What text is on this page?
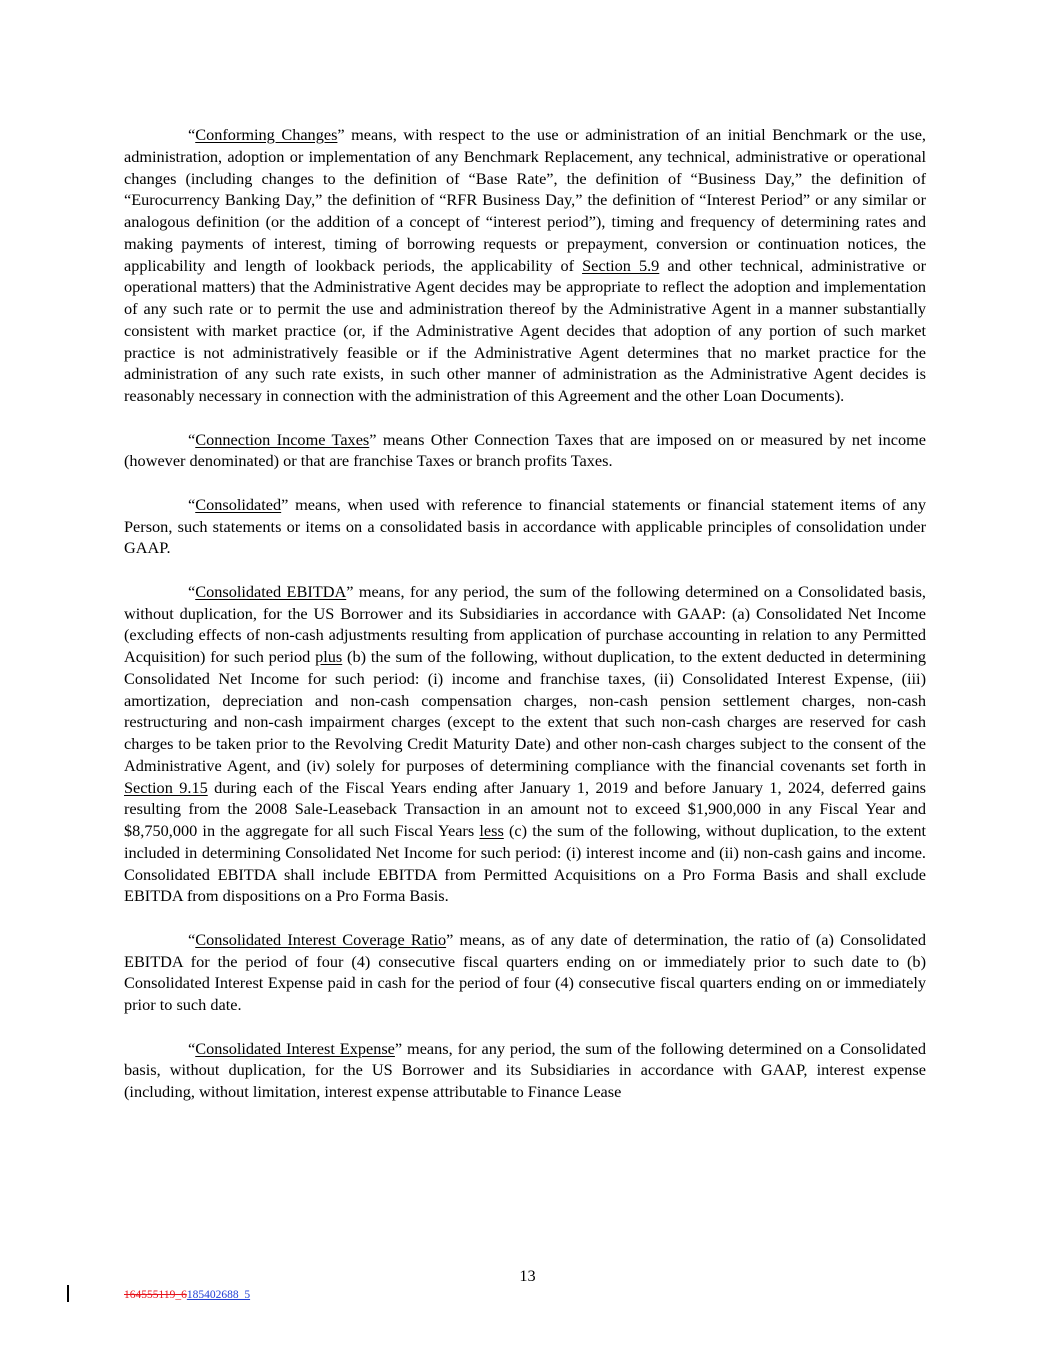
“Conforming Changes” means, with respect to the use or administration of an initial Benchmark or the use, administration, adoption or implementation of any Benchmark Replacement, any technical, administrative or operational changes (including changes to the definition of “Base Rate”, the definition of “Business Day,” the definition of “Eurocurrency Banking Day,” the definition of “RFR Business Day,” the definition of “Interest Period” or any similar or analogous definition (or the addition of a concept of “interest period”), timing and frequency of determining rates and making payments of interest, timing of borrowing requests or prepayment, conversion or continuation notices, the applicability and length of lookback periods, the applicability of Section 5.9 and other technical, administrative or operational matters) that the Administrative Agent decides may be appropriate to reflect the adoption and implementation of any such rate or to permit the use and administration thereof by the Administrative Agent in a manner substantially consistent with market practice (or, if the Administrative Agent decides that adoption of any portion of such market practice is not administratively feasible or if the Administrative Agent determines that no market practice for the administration of any such rate exists, in such other manner of administration as the Administrative Agent decides is reasonably necessary in connection with the administration of this Agreement and the other Loan Documents).

“Connection Income Taxes” means Other Connection Taxes that are imposed on or measured by net income (however denominated) or that are franchise Taxes or branch profits Taxes.

“Consolidated” means, when used with reference to financial statements or financial statement items of any Person, such statements or items on a consolidated basis in accordance with applicable principles of consolidation under GAAP.

“Consolidated EBITDA” means, for any period, the sum of the following determined on a Consolidated basis, without duplication, for the US Borrower and its Subsidiaries in accordance with GAAP: (a) Consolidated Net Income (excluding effects of non-cash adjustments resulting from application of purchase accounting in relation to any Permitted Acquisition) for such period plus (b) the sum of the following, without duplication, to the extent deducted in determining Consolidated Net Income for such period: (i) income and franchise taxes, (ii) Consolidated Interest Expense, (iii) amortization, depreciation and non-cash compensation charges, non-cash pension settlement charges, non-cash restructuring and non-cash impairment charges (except to the extent that such non-cash charges are reserved for cash charges to be taken prior to the Revolving Credit Maturity Date) and other non-cash charges subject to the consent of the Administrative Agent, and (iv) solely for purposes of determining compliance with the financial covenants set forth in Section 9.15 during each of the Fiscal Years ending after January 1, 2019 and before January 1, 2024, deferred gains resulting from the 2008 Sale-Leaseback Transaction in an amount not to exceed $1,900,000 in any Fiscal Year and $8,750,000 in the aggregate for all such Fiscal Years less (c) the sum of the following, without duplication, to the extent included in determining Consolidated Net Income for such period: (i) interest income and (ii) non-cash gains and income. Consolidated EBITDA shall include EBITDA from Permitted Acquisitions on a Pro Forma Basis and shall exclude EBITDA from dispositions on a Pro Forma Basis.

“Consolidated Interest Coverage Ratio” means, as of any date of determination, the ratio of (a) Consolidated EBITDA for the period of four (4) consecutive fiscal quarters ending on or immediately prior to such date to (b) Consolidated Interest Expense paid in cash for the period of four (4) consecutive fiscal quarters ending on or immediately prior to such date.

“Consolidated Interest Expense” means, for any period, the sum of the following determined on a Consolidated basis, without duplication, for the US Borrower and its Subsidiaries in accordance with GAAP, interest expense (including, without limitation, interest expense attributable to Finance Lease

13
164555119_6185402688_5
